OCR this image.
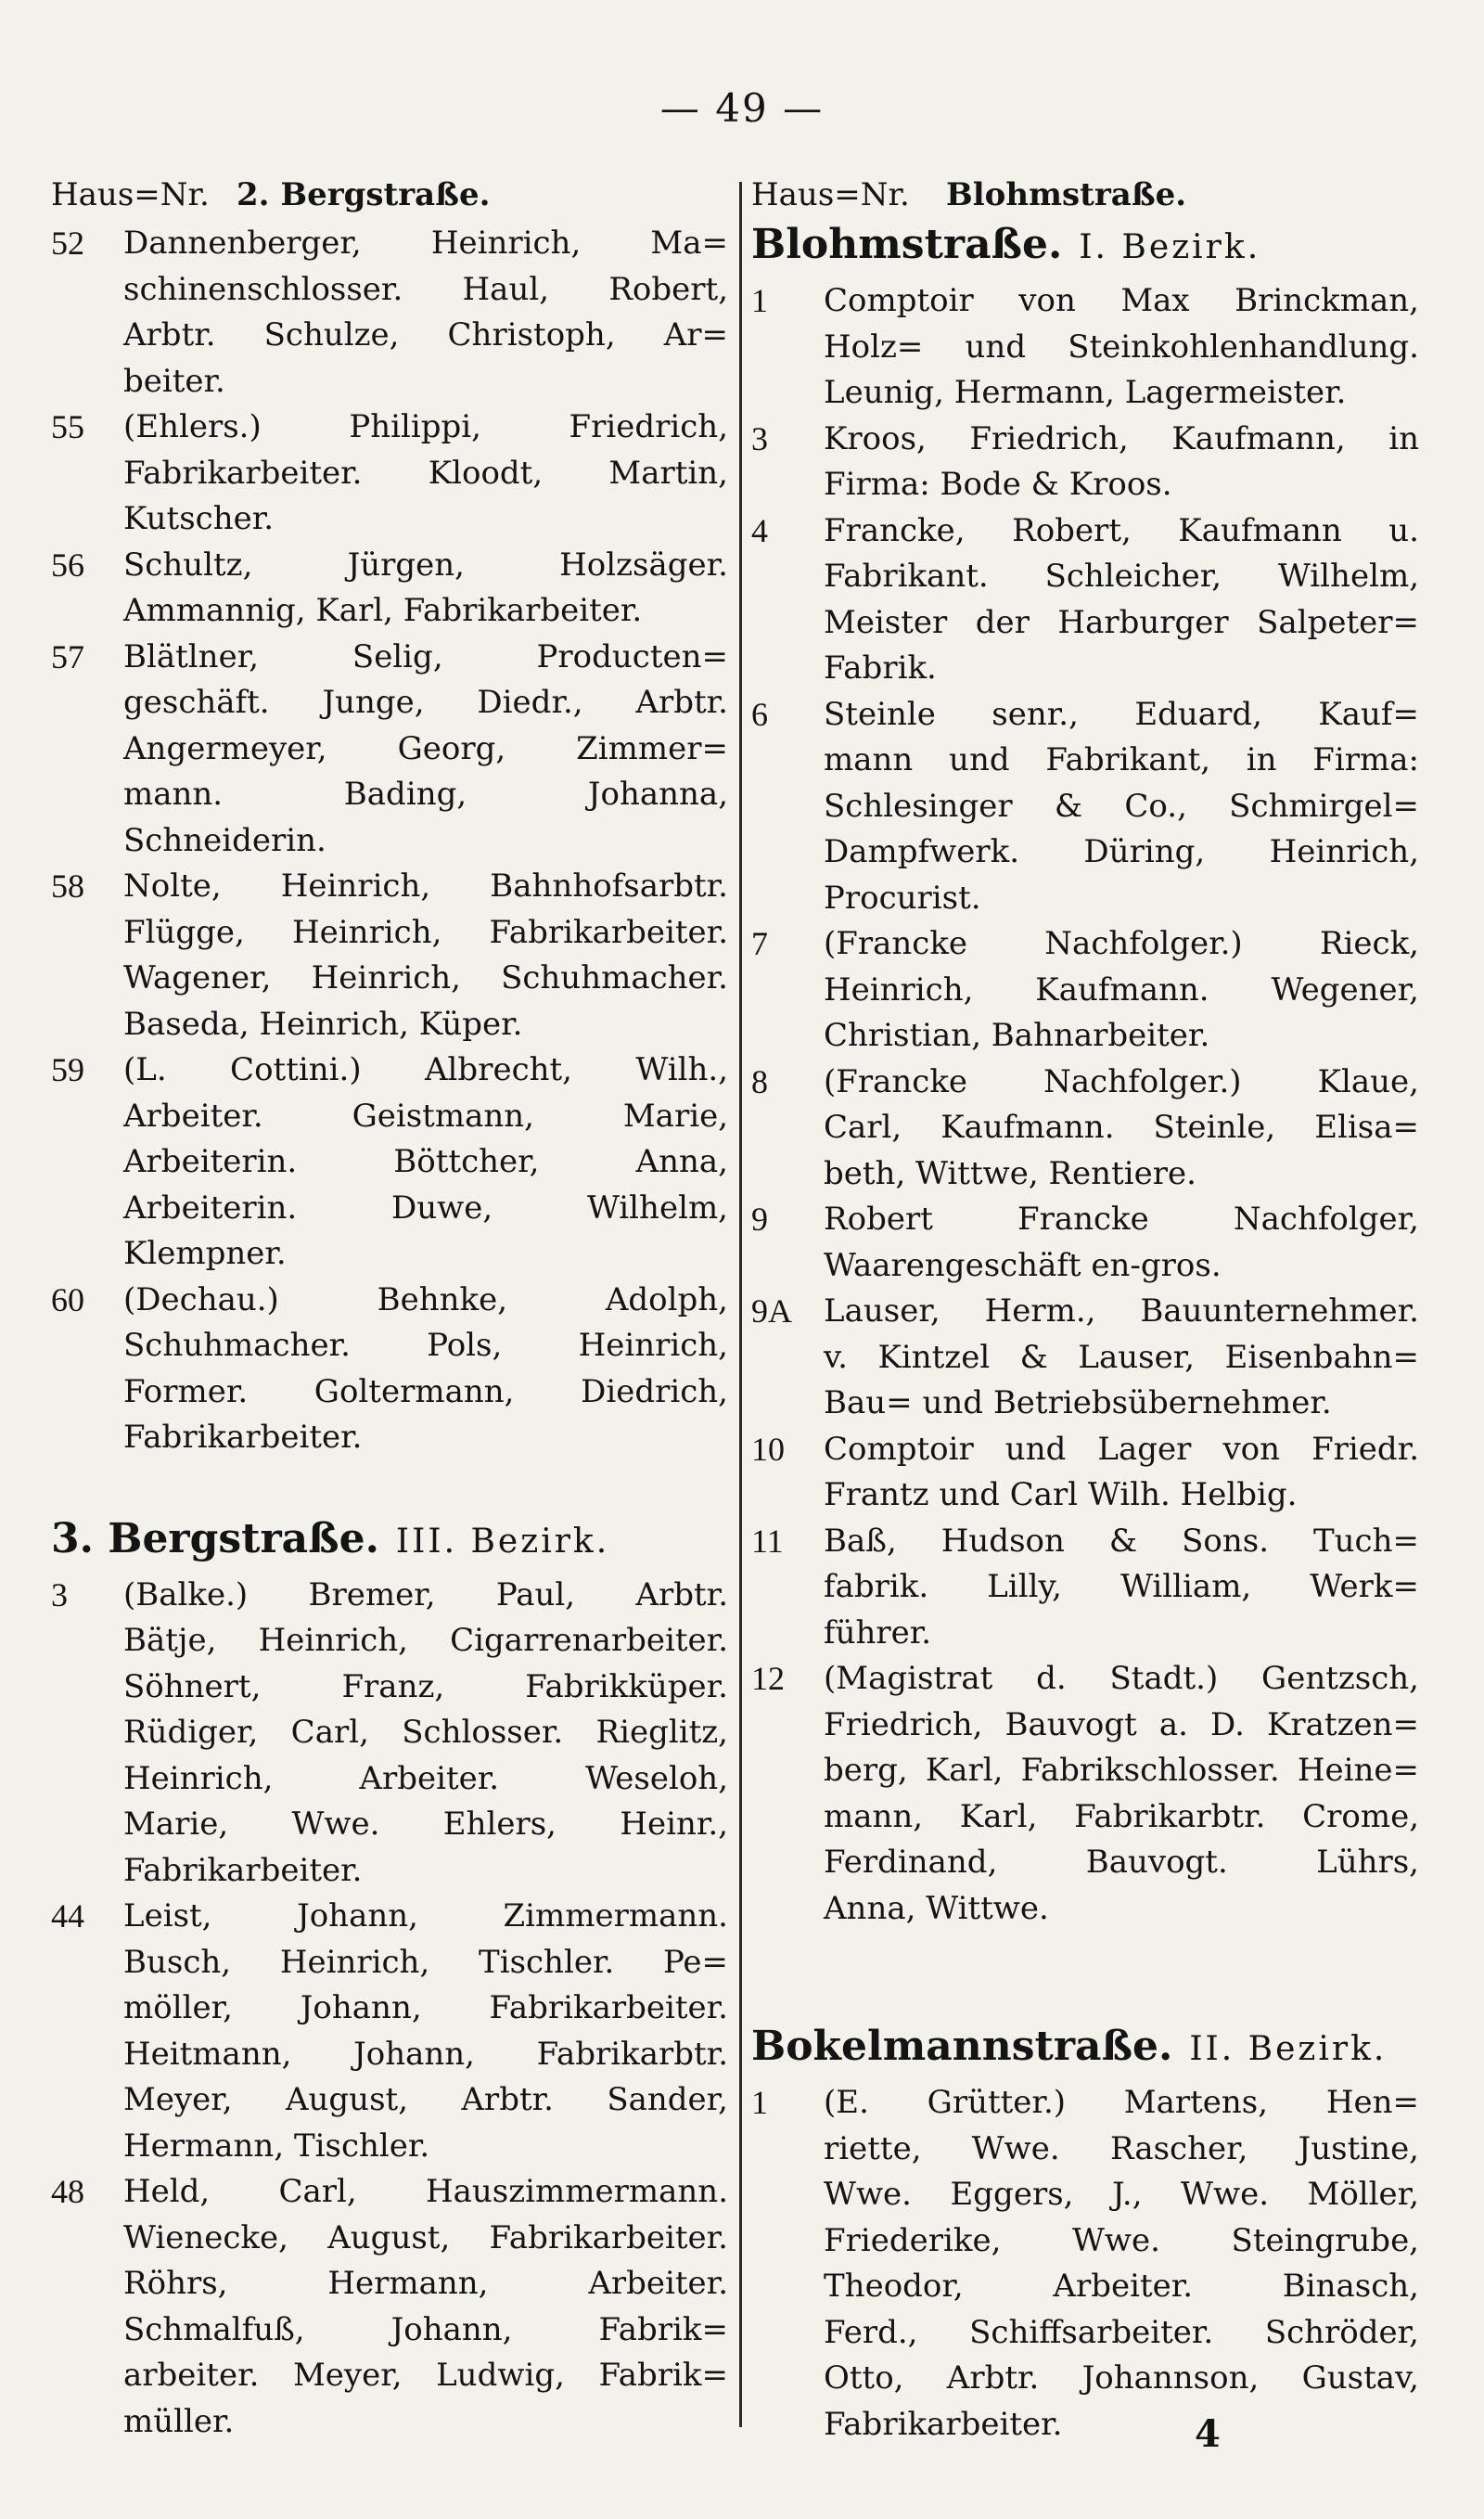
— 49 —
Haus=Nr. 2. Bergstraße.
52	Dannenberger, Heinrich, Ma=
schinenschlosser. Haul, Robert,
Arbtr. Schulze, Christoph, Ar=
beiter.
55	(Ehlers.) Philippi, Friedrich,
Fabrikarbeiter. Kloodt, Martin,
Kutscher.
56	Schultz, Jürgen, Holzsäger.
Ammannig, Karl, Fabrikarbeiter.
57	Blätlner, Selig, Producten=
geschäft. Junge, Diedr., Arbtr.
Angermeyer, Georg, Zimmer=
mann. Bading, Johanna,
Schneiderin.
58	Nolte, Heinrich, Bahnhofsarbtr.
Flügge, Heinrich, Fabrikarbeiter.
Wagener, Heinrich, Schuhmacher.
Baseda, Heinrich, Küper.
59	(L. Cottini.) Albrecht, Wilh.,
Arbeiter. Geistmann, Marie,
Arbeiterin. Böttcher, Anna,
Arbeiterin. Duwe, Wilhelm,
Klempner.
60	(Dechau.) Behnke, Adolph,
Schuhmacher. Pols, Heinrich,
Former. Goltermann, Diedrich,
Fabrikarbeiter.
3. Bergstraße. III. Bezirk.
3	(Balke.) Bremer, Paul, Arbtr.
Bätje, Heinrich, Cigarrenarbeiter.
Söhnert, Franz, Fabrikküper.
Rüdiger, Carl, Schlosser. Rieglitz,
Heinrich, Arbeiter. Weseloh,
Marie, Wwe. Ehlers, Heinr.,
Fabrikarbeiter.
44	Leist, Johann, Zimmermann.
Busch, Heinrich, Tischler. Pe=
möller, Johann, Fabrikarbeiter.
Heitmann, Johann, Fabrikarbtr.
Meyer, August, Arbtr. Sander,
Hermann, Tischler.
48	Held, Carl, Hauszimmermann.
Wienecke, August, Fabrikarbeiter.
Röhrs, Hermann, Arbeiter.
Schmalfuß, Johann, Fabrik=
arbeiter. Meyer, Ludwig, Fabrik=
müller.
Haus=Nr.	Blohmstraße.
Blohmstraße. I. Bezirk.
1	Comptoir von Max Brinckman,
Holz= und Steinkohlenhandlung.
Leunig, Hermann, Lagermeister.
3	Kroos, Friedrich, Kaufmann, in
Firma: Bode & Kroos.
4	Francke, Robert, Kaufmann u.
Fabrikant. Schleicher, Wilhelm,
Meister der Harburger Salpeter=
Fabrik.
6	Steinle senr., Eduard, Kauf=
mann und Fabrikant, in Firma:
Schlesinger & Co., Schmirgel=
Dampfwerk. Düring, Heinrich,
Procurist.
7	(Francke Nachfolger.) Rieck,
Heinrich, Kaufmann. Wegener,
Christian, Bahnarbeiter.
8	(Francke Nachfolger.) Klaue,
Carl, Kaufmann. Steinle, Elisa=
beth, Wittwe, Rentiere.
9	Robert Francke Nachfolger,
Waarengeschäft en-gros.
9A	Lauser, Herm., Bauunternehmer.
v. Kintzel & Lauser, Eisenbahn=
Bau= und Betriebsübernehmer.
10	Comptoir und Lager von Friedr.
Frantz und Carl Wilh. Helbig.
11	Baß, Hudson & Sons. Tuch=
fabrik. Lilly, William, Werk=
führer.
12	(Magistrat d. Stadt.) Gentzsch,
Friedrich, Bauvogt a. D. Kratzen=
berg, Karl, Fabrikschlosser. Heine=
mann, Karl, Fabrikarbtr. Crome,
Ferdinand, Bauvogt. Lührs,
Anna, Wittwe.
Bokelmannstraße. II. Bezirk.
1	(E. Grütter.) Martens, Hen=
riette, Wwe. Rascher, Justine,
Wwe. Eggers, J., Wwe. Möller,
Friederike, Wwe. Steingrube,
Theodor, Arbeiter. Binasch,
Ferd., Schiffsarbeiter. Schröder,
Otto, Arbtr. Johannson, Gustav,
Fabrikarbeiter.	4
